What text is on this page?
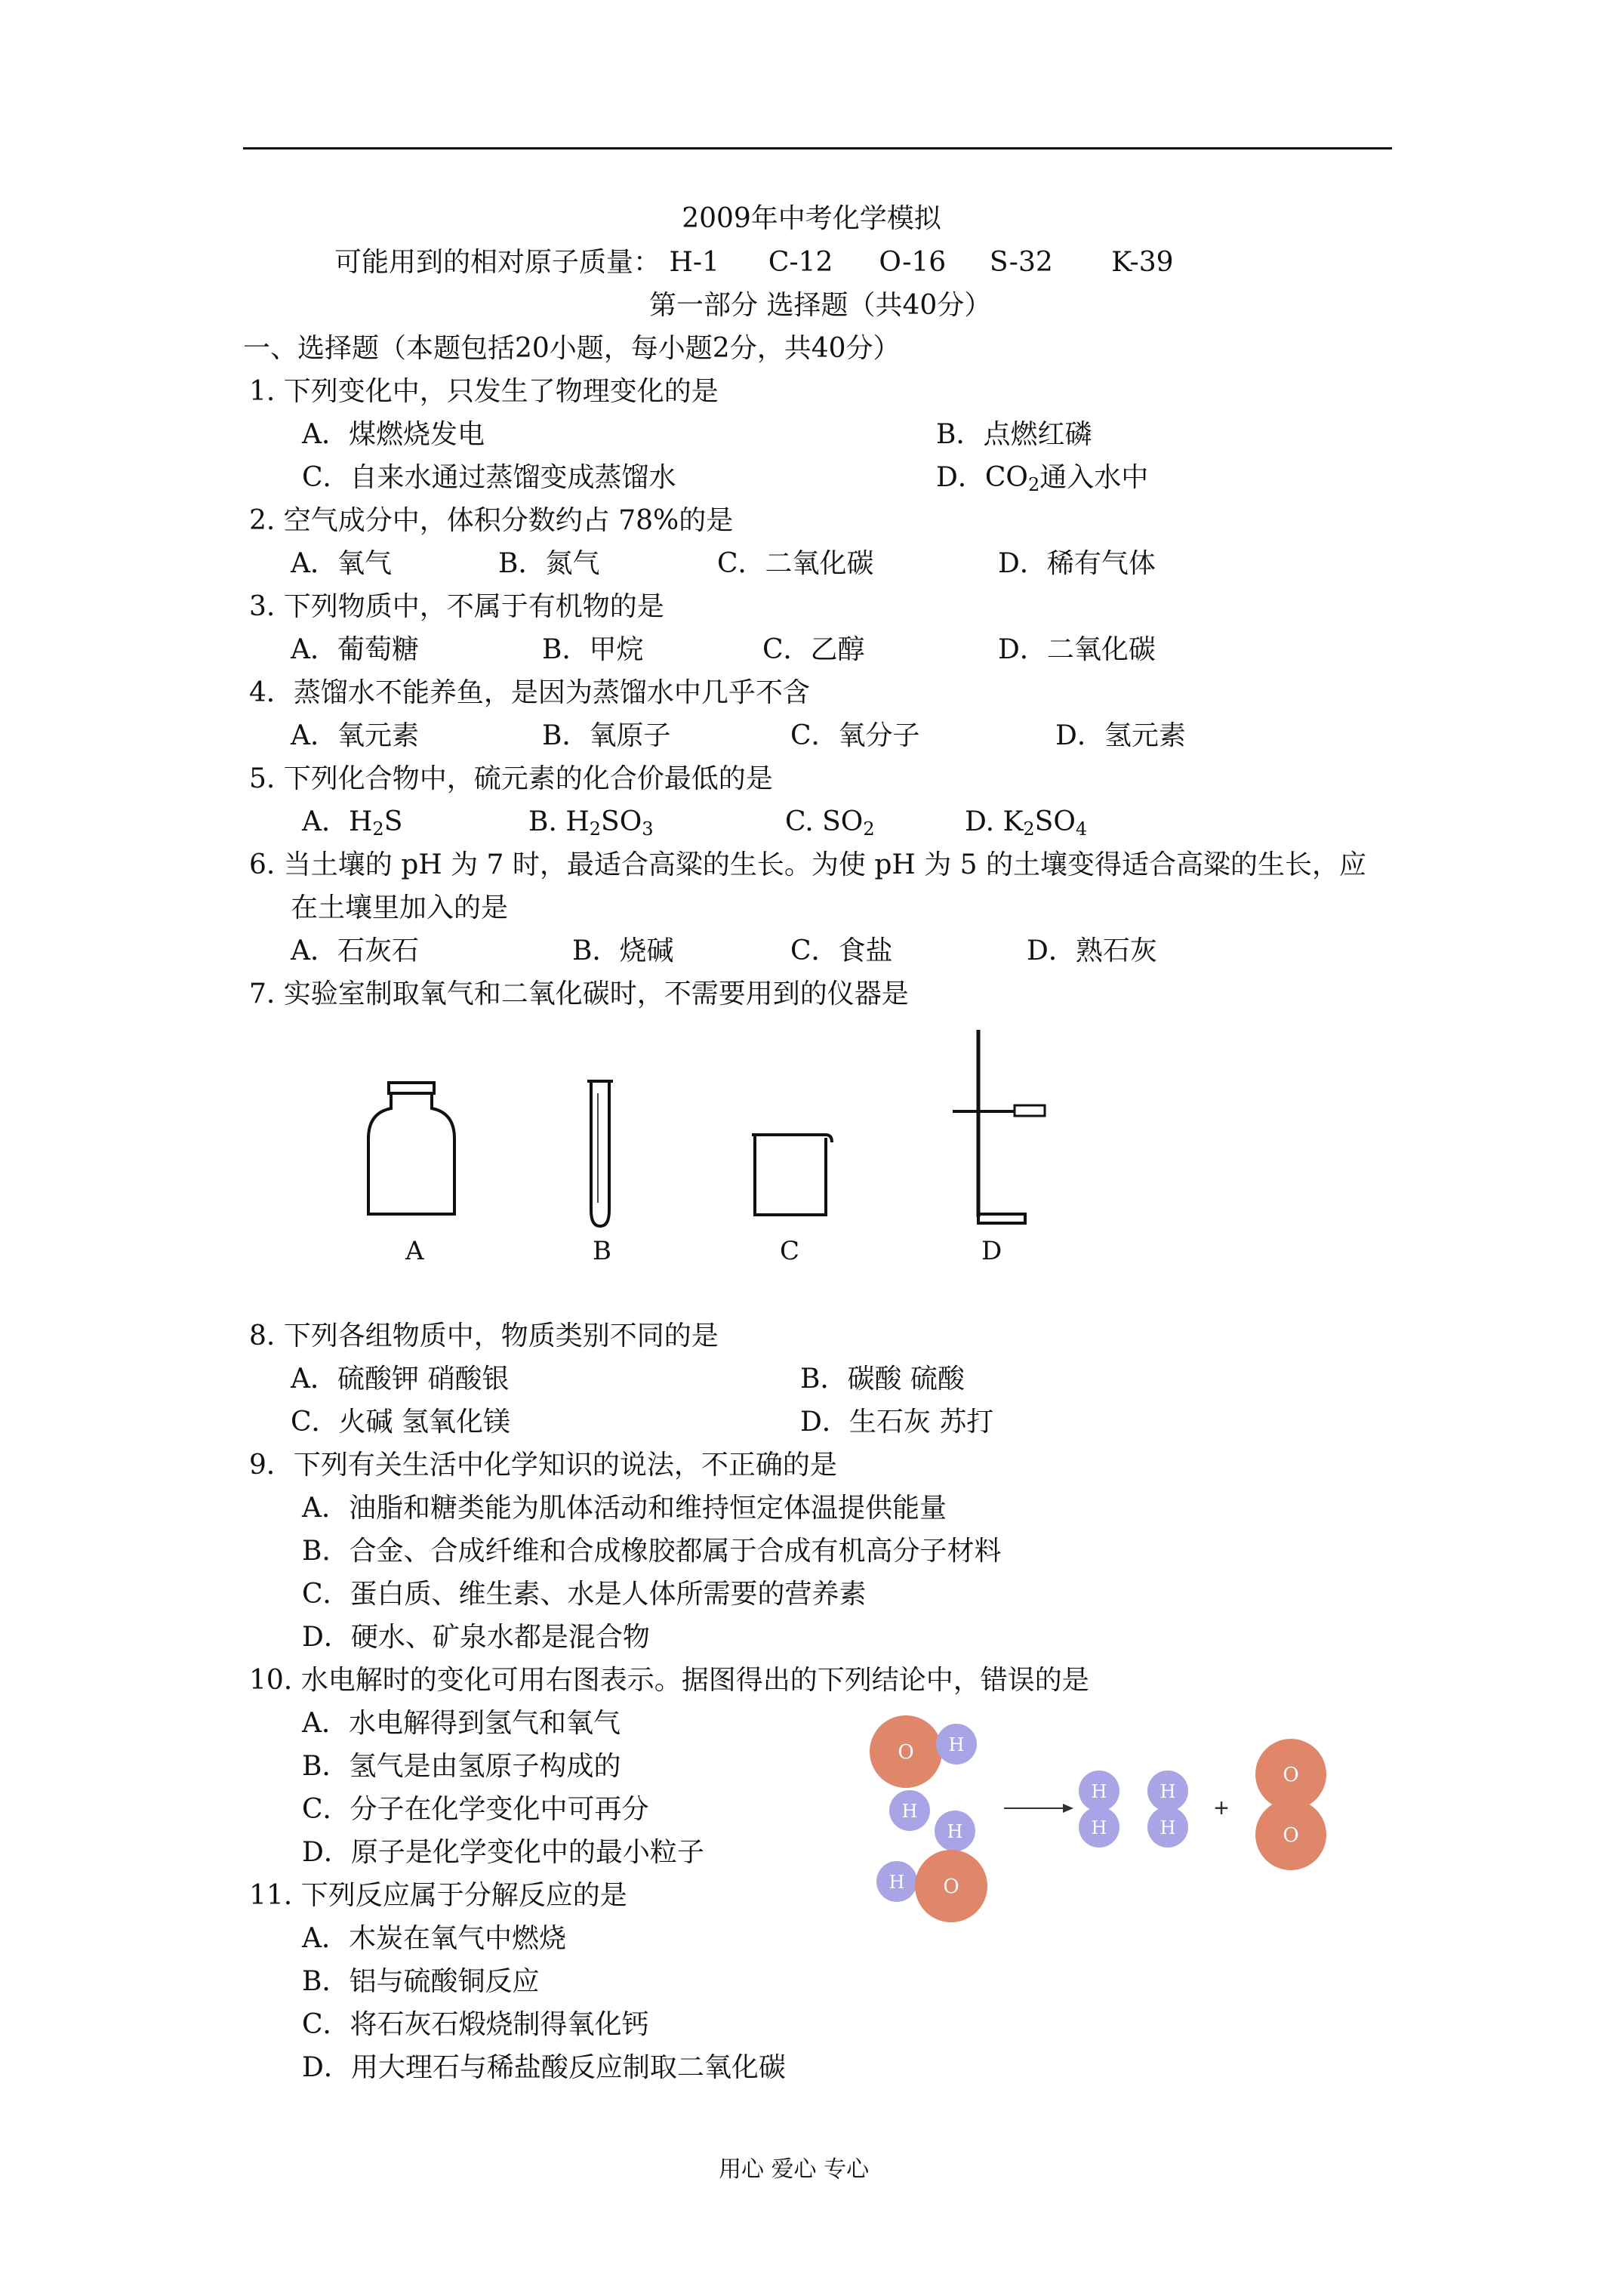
2009年中考化学模拟
可能用到的相对原子质量： H-1 C-12 O-16 S-32 K-39
第一部分 选择题（共40分）
一、选择题（本题包括20小题，每小题2分，共40分）
1. 下列变化中，只发生了物理变化的是
A．煤燃烧发电	B．点燃红磷
C．自来水通过蒸馏变成蒸馏水	D．$CO_2$通入水中
2. 空气成分中，体积分数约占 78%的是
A．氧气	B．氮气	C．二氧化碳	D．稀有气体
3. 下列物质中，不属于有机物的是
A．葡萄糖	B．甲烷	C．乙醇	D．二氧化碳
4．蒸馏水不能养鱼，是因为蒸馏水中几乎不含
A．氧元素	B．氧原子	C．氧分子	D．氢元素
5. 下列化合物中，硫元素的化合价最低的是
A．$H_2S$	B. $H_2SO_3$	C. $SO_2$	D. $K_2SO_4$
6. 当土壤的 pH 为 7 时，最适合高粱的生长。为使 pH 为 5 的土壤变得适合高粱的生长，应
在土壤里加入的是
A．石灰石	B．烧碱	C．食盐	D．熟石灰
7. 实验室制取氧气和二氧化碳时，不需要用到的仪器是
A	B	C	D
8. 下列各组物质中，物质类别不同的是
A．硫酸钾 硝酸银	B．碳酸 硫酸
C．火碱 氢氧化镁	D．生石灰 苏打
9．下列有关生活中化学知识的说法，不正确的是
A．油脂和糖类能为肌体活动和维持恒定体温提供能量
B．合金、合成纤维和合成橡胶都属于合成有机高分子材料
C．蛋白质、维生素、水是人体所需要的营养素
D．硬水、矿泉水都是混合物
10. 水电解时的变化可用右图表示。据图得出的下列结论中，错误的是
A．水电解得到氢气和氧气
B．氢气是由氢原子构成的
C．分子在化学变化中可再分
D．原子是化学变化中的最小粒子
+
O H
H
H
H O
H
H
H
H
O
O
11. 下列反应属于分解反应的是
A．木炭在氧气中燃烧
B．铝与硫酸铜反应
C．将石灰石煅烧制得氧化钙
D．用大理石与稀盐酸反应制取二氧化碳
用心 爱心 专心
